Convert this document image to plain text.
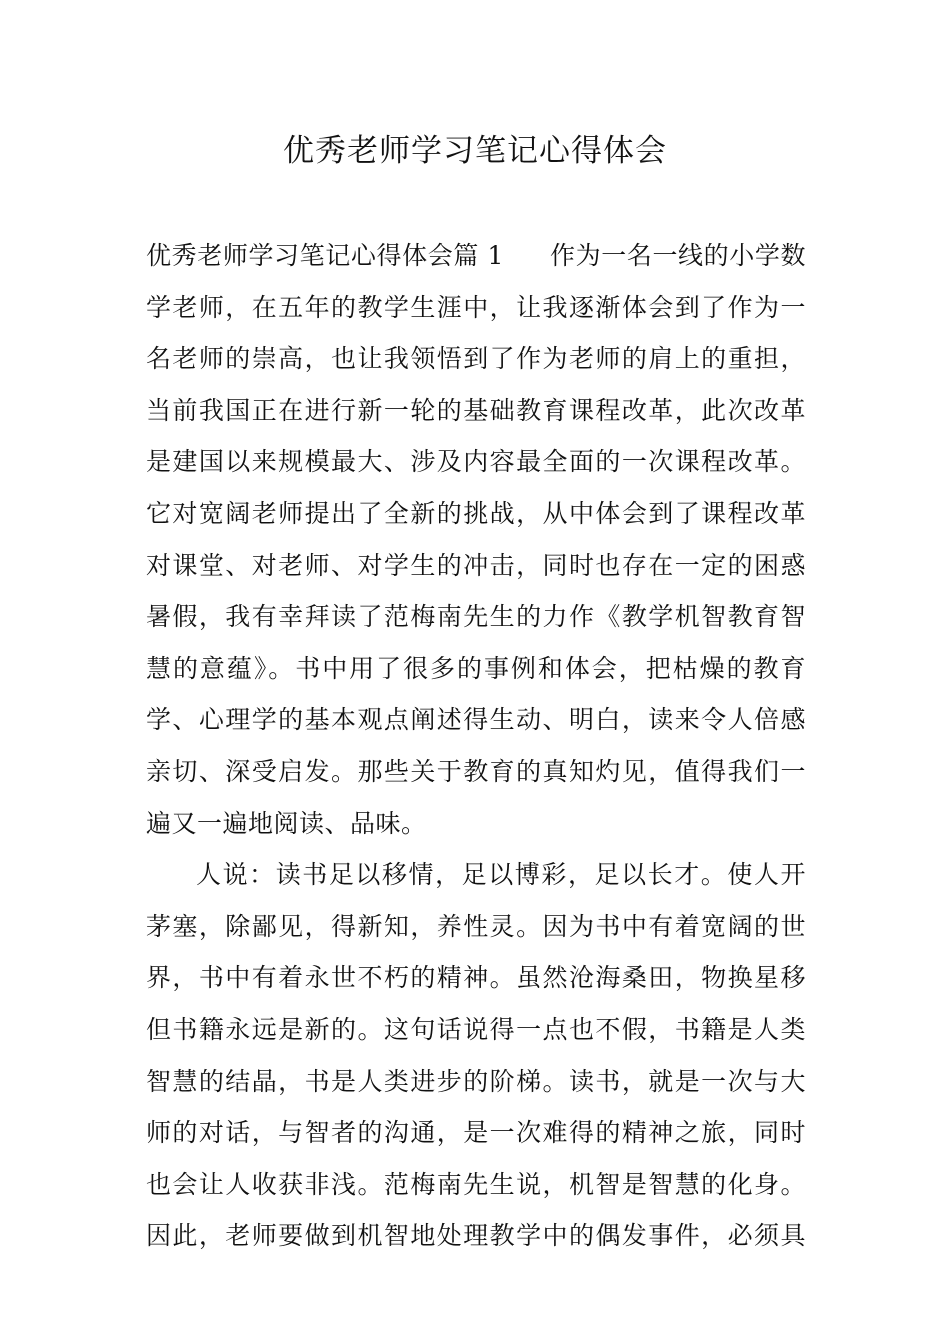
优秀老师学习笔记心得体会
优秀老师学习笔记心得体会篇 1 作为一名一线的小学数
学老师，在五年的教学生涯中，让我逐渐体会到了作为一
名老师的崇高，也让我领悟到了作为老师的肩上的重担，
当前我国正在进行新一轮的基础教育课程改革，此次改革
是建国以来规模最大、涉及内容最全面的一次课程改革。
它对宽阔老师提出了全新的挑战，从中体会到了课程改革
对课堂、对老师、对学生的冲击，同时也存在一定的困惑
暑假，我有幸拜读了范梅南先生的力作《教学机智教育智
慧的意蕴》。书中用了很多的事例和体会，把枯燥的教育
学、心理学的基本观点阐述得生动、明白，读来令人倍感
亲切、深受启发。那些关于教育的真知灼见，值得我们一
遍又一遍地阅读、品味。
人说：读书足以移情，足以博彩，足以长才。使人开
茅塞，除鄙见，得新知，养性灵。因为书中有着宽阔的世
界，书中有着永世不朽的精神。虽然沧海桑田，物换星移
但书籍永远是新的。这句话说得一点也不假，书籍是人类
智慧的结晶，书是人类进步的阶梯。读书，就是一次与大
师的对话，与智者的沟通，是一次难得的精神之旅，同时
也会让人收获非浅。范梅南先生说，机智是智慧的化身。
因此，老师要做到机智地处理教学中的偶发事件，必须具
